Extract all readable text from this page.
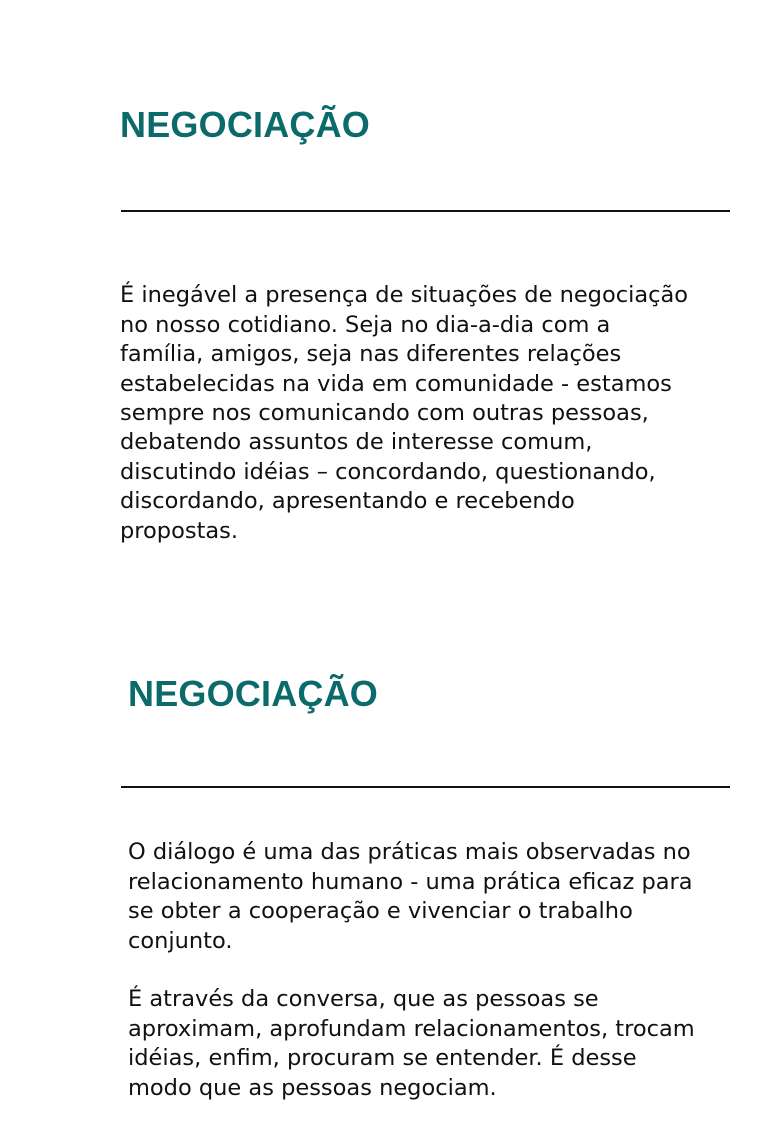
NEGOCIAÇÃO

É inegável a presença de situações de negociação
no nosso cotidiano. Seja no dia-a-dia com a
família, amigos, seja nas diferentes relações
estabelecidas na vida em comunidade - estamos
sempre nos comunicando com outras pessoas,
debatendo assuntos de interesse comum,
discutindo idéias – concordando, questionando,
discordando, apresentando e recebendo
propostas.

NEGOCIAÇÃO

O diálogo é uma das práticas mais observadas no
relacionamento humano - uma prática eficaz para
se obter a cooperação e vivenciar o trabalho
conjunto.

É através da conversa, que as pessoas se
aproximam, aprofundam relacionamentos, trocam
idéias, enfim, procuram se entender. É desse
modo que as pessoas negociam.
